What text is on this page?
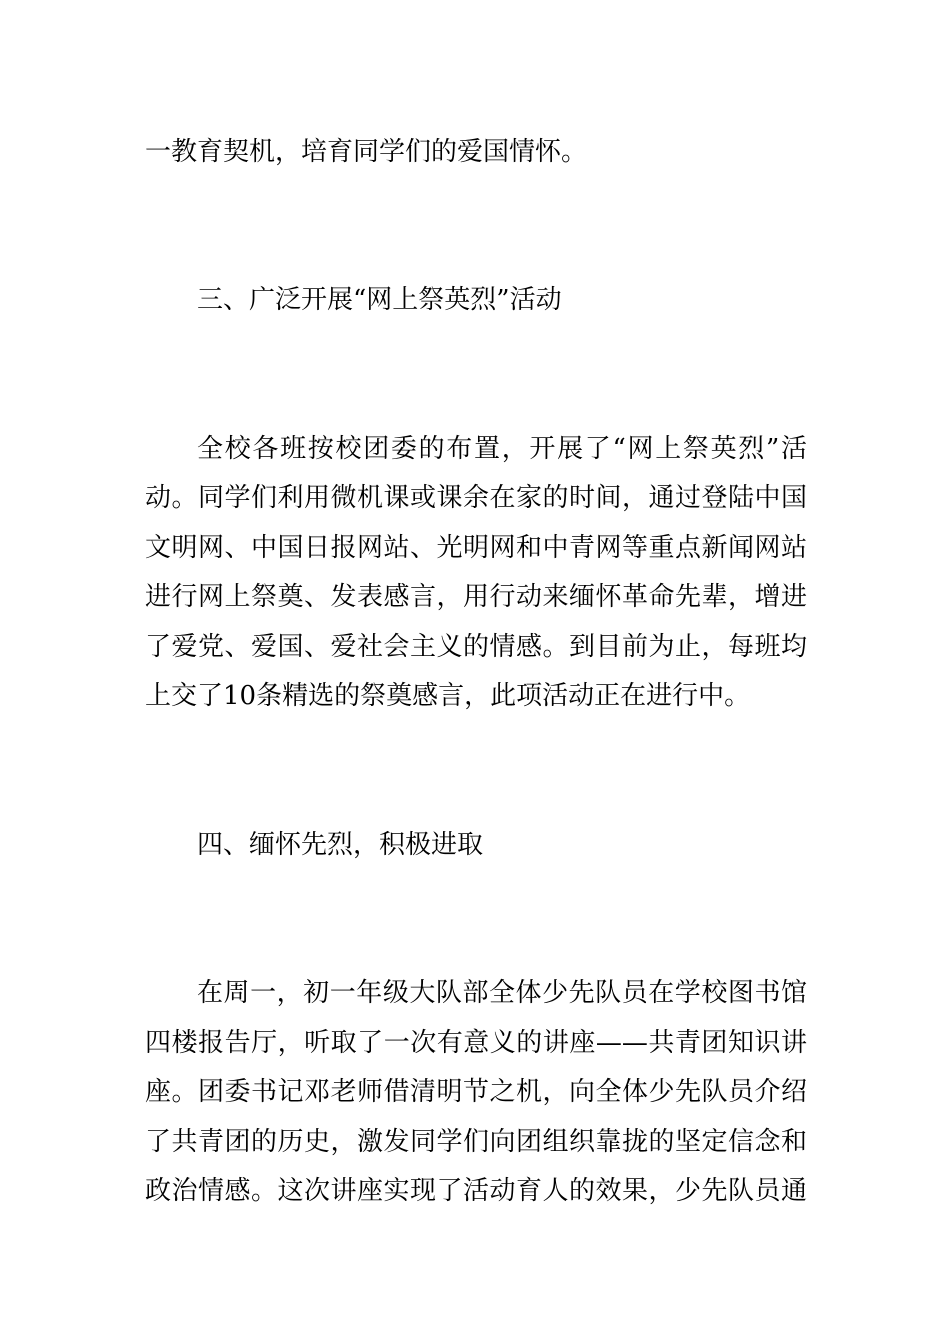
一教育契机，培育同学们的爱国情怀。
三、广泛开展“网上祭英烈”活动
全校各班按校团委的布置，开展了“网上祭英烈”活
动。同学们利用微机课或课余在家的时间，通过登陆中国
文明网、中国日报网站、光明网和中青网等重点新闻网站
进行网上祭奠、发表感言，用行动来缅怀革命先辈，增进
了爱党、爱国、爱社会主义的情感。到目前为止，每班均
上交了10条精选的祭奠感言，此项活动正在进行中。
四、缅怀先烈，积极进取
在周一，初一年级大队部全体少先队员在学校图书馆
四楼报告厅，听取了一次有意义的讲座——共青团知识讲
座。团委书记邓老师借清明节之机，向全体少先队员介绍
了共青团的历史，激发同学们向团组织靠拢的坚定信念和
政治情感。这次讲座实现了活动育人的效果，少先队员通
